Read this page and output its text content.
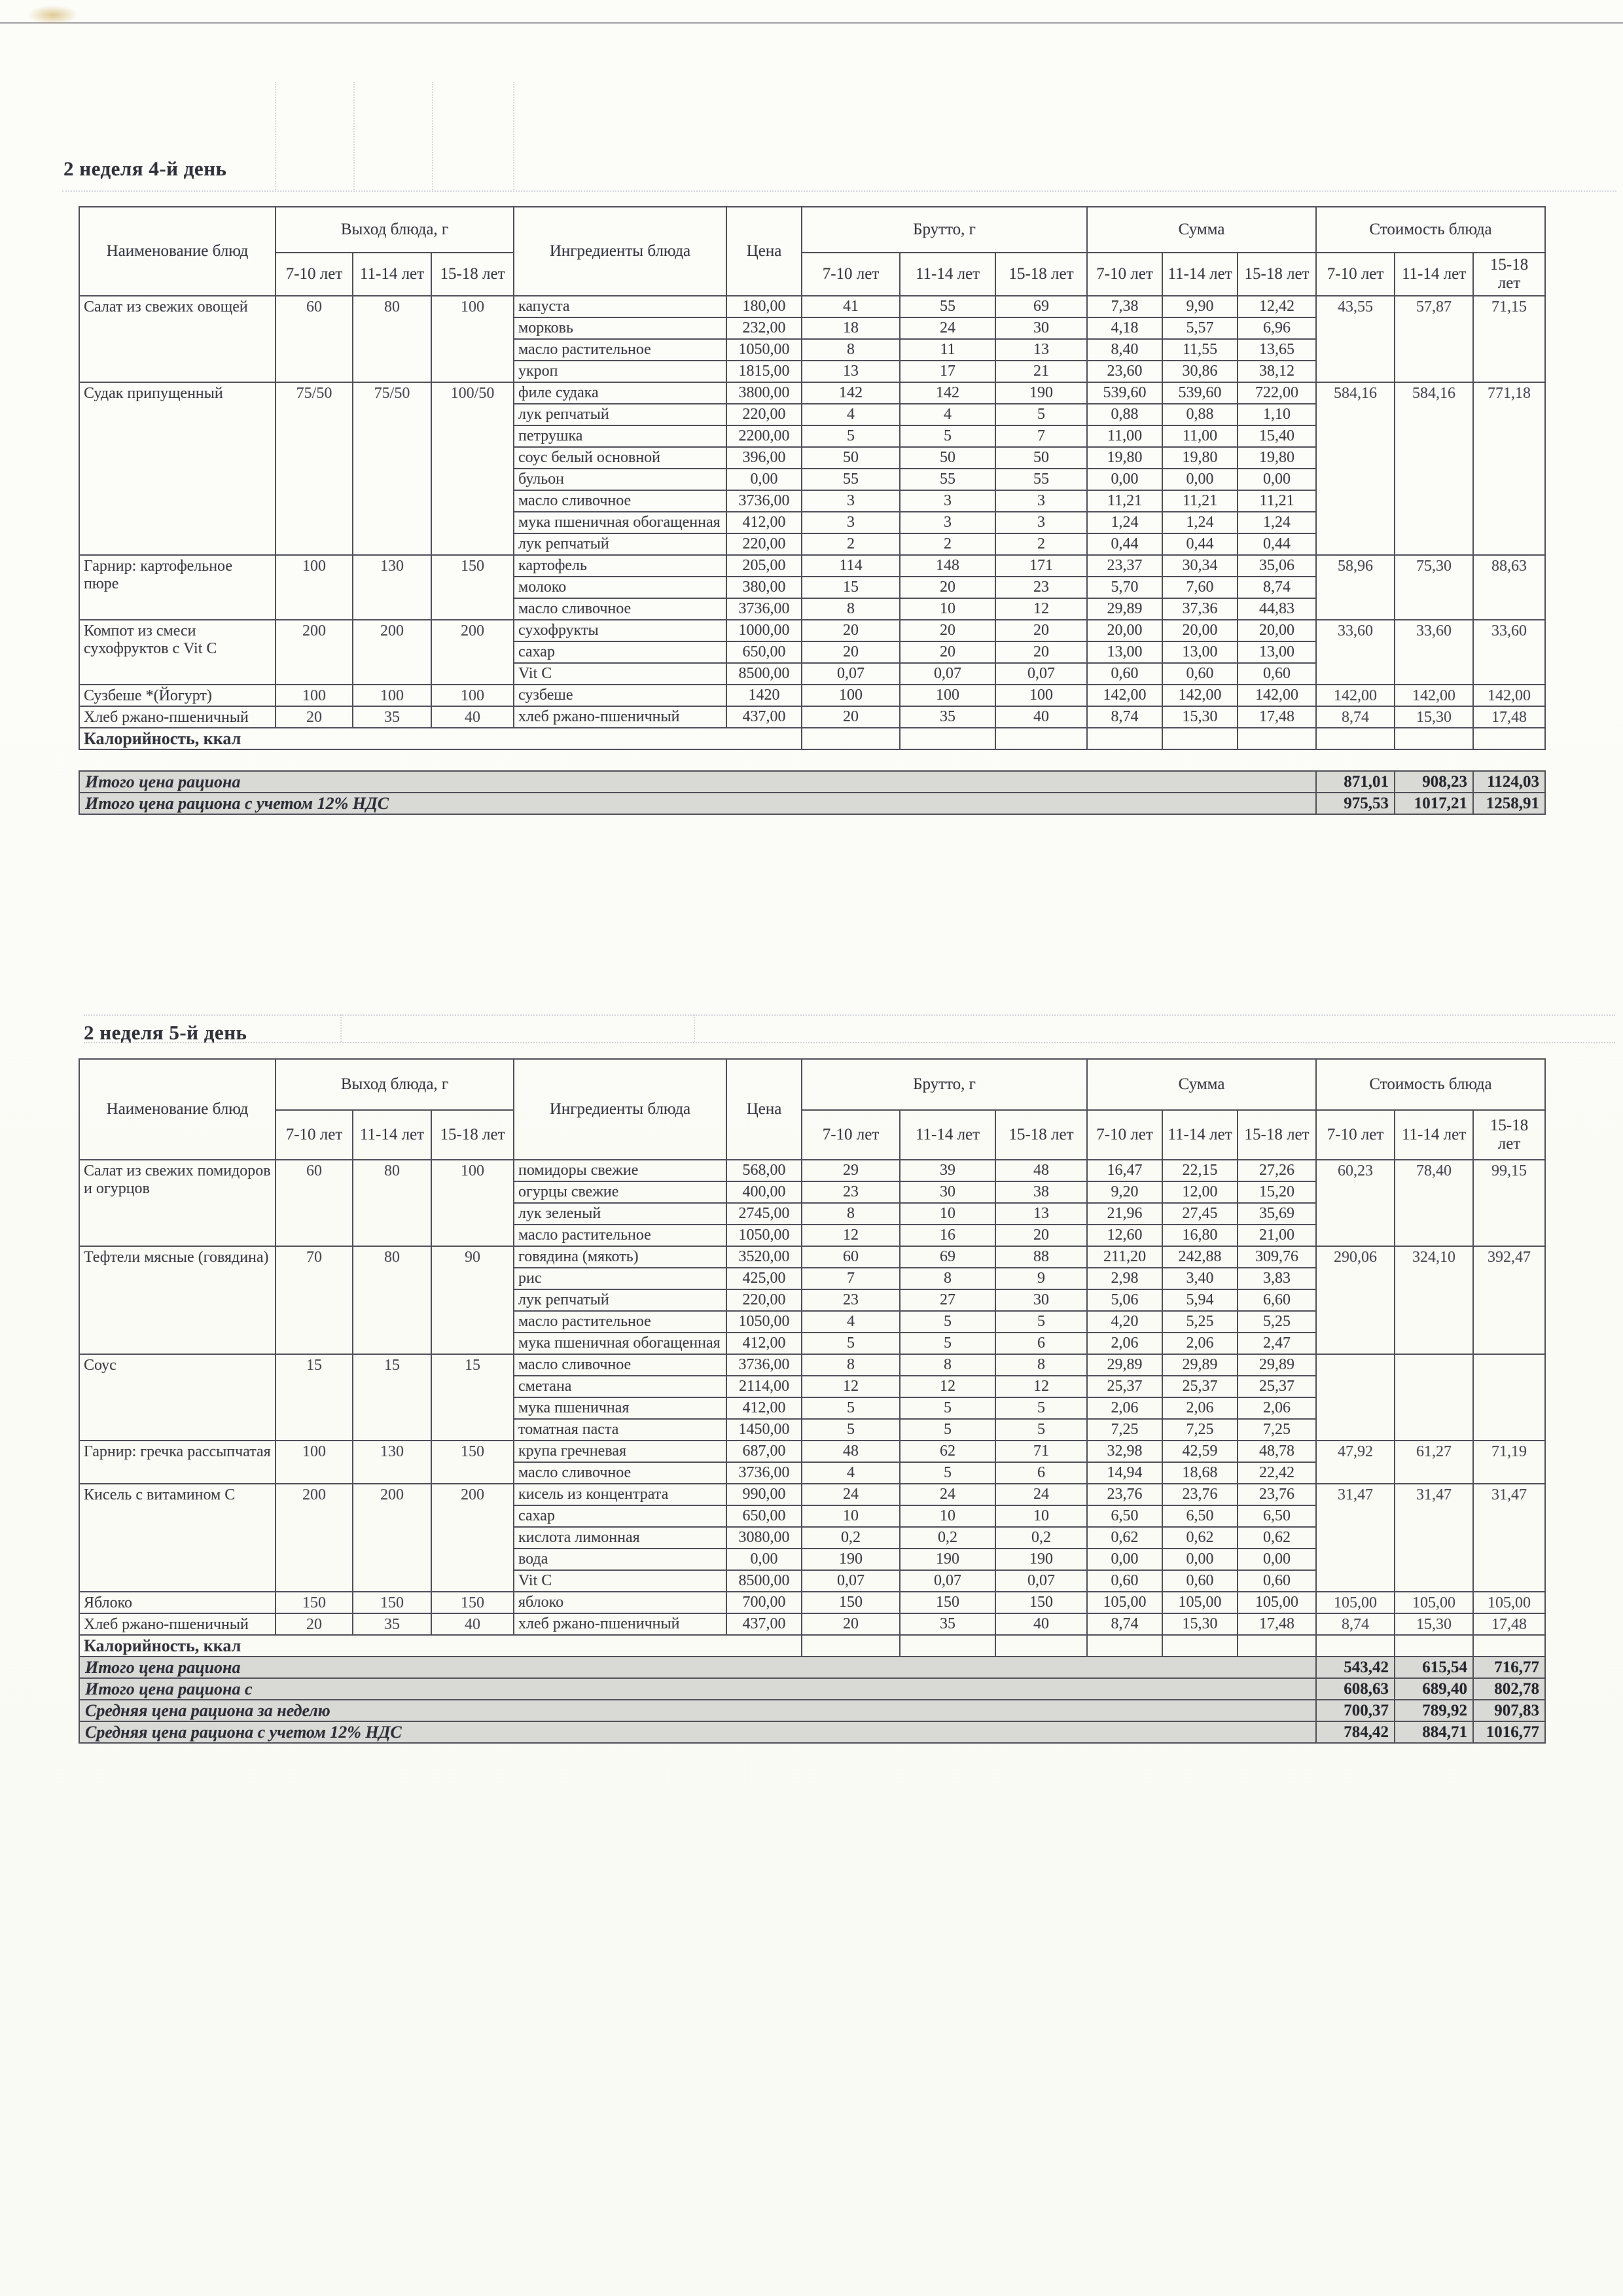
2 неделя 4-й день
Наименование блюд	Выход блюда, г			Ингредиенты блюда	Цена	Брутто, г			Сумма			Стоимость блюда		
	7-10 лет	11-14 лет	15-18 лет			7-10 лет	11-14 лет	15-18 лет	7-10 лет	11-14 лет	15-18 лет	7-10 лет	11-14 лет	15-18 лет
Салат из свежих овощей	60	80	100	капуста	180,00	41	55	69	7,38	9,90	12,42	43,55	57,87	71,15
				морковь	232,00	18	24	30	4,18	5,57	6,96			
				масло растительное	1050,00	8	11	13	8,40	11,55	13,65			
				укроп	1815,00	13	17	21	23,60	30,86	38,12			
Судак припущенный	75/50	75/50	100/50	филе судака	3800,00	142	142	190	539,60	539,60	722,00	584,16	584,16	771,18
				лук репчатый	220,00	4	4	5	0,88	0,88	1,10			
				петрушка	2200,00	5	5	7	11,00	11,00	15,40			
				соус белый основной	396,00	50	50	50	19,80	19,80	19,80			
				бульон	0,00	55	55	55	0,00	0,00	0,00			
				масло сливочное	3736,00	3	3	3	11,21	11,21	11,21			
				мука пшеничная обогащенная	412,00	3	3	3	1,24	1,24	1,24			
				лук репчатый	220,00	2	2	2	0,44	0,44	0,44			
Гарнир: картофельное пюре	100	130	150	картофель	205,00	114	148	171	23,37	30,34	35,06	58,96	75,30	88,63
				молоко	380,00	15	20	23	5,70	7,60	8,74			
				масло сливочное	3736,00	8	10	12	29,89	37,36	44,83			
Компот из смеси сухофруктов с Vit C	200	200	200	сухофрукты	1000,00	20	20	20	20,00	20,00	20,00	33,60	33,60	33,60
				сахар	650,00	20	20	20	13,00	13,00	13,00			
				Vit C	8500,00	0,07	0,07	0,07	0,60	0,60	0,60			
Сузбеше *(Йогурт)	100	100	100	сузбеше	1420	100	100	100	142,00	142,00	142,00	142,00	142,00	142,00
Хлеб ржано-пшеничный	20	35	40	хлеб ржано-пшеничный	437,00	20	35	40	8,74	15,30	17,48	8,74	15,30	17,48
Калорийность, ккал														

Итого цена рациона												871,01	908,23	1124,03
Итого цена рациона с учетом 12% НДС												975,53	1017,21	1258,91
2 неделя 5-й день
Наименование блюд	Выход блюда, г			Ингредиенты блюда	Цена	Брутто, г			Сумма			Стоимость блюда		
	7-10 лет	11-14 лет	15-18 лет			7-10 лет	11-14 лет	15-18 лет	7-10 лет	11-14 лет	15-18 лет	7-10 лет	11-14 лет	15-18 лет
Салат из свежих помидоров и огурцов	60	80	100	помидоры свежие	568,00	29	39	48	16,47	22,15	27,26	60,23	78,40	99,15
				огурцы свежие	400,00	23	30	38	9,20	12,00	15,20			
				лук зеленый	2745,00	8	10	13	21,96	27,45	35,69			
				масло растительное	1050,00	12	16	20	12,60	16,80	21,00			
Тефтели мясные (говядина)	70	80	90	говядина (мякоть)	3520,00	60	69	88	211,20	242,88	309,76	290,06	324,10	392,47
				рис	425,00	7	8	9	2,98	3,40	3,83			
				лук репчатый	220,00	23	27	30	5,06	5,94	6,60			
				масло растительное	1050,00	4	5	5	4,20	5,25	5,25			
				мука пшеничная обогащенная	412,00	5	5	6	2,06	2,06	2,47			
Соус	15	15	15	масло сливочное	3736,00	8	8	8	29,89	29,89	29,89			
				сметана	2114,00	12	12	12	25,37	25,37	25,37			
				мука пшеничная	412,00	5	5	5	2,06	2,06	2,06			
				томатная паста	1450,00	5	5	5	7,25	7,25	7,25			
Гарнир: гречка рассыпчатая	100	130	150	крупа гречневая	687,00	48	62	71	32,98	42,59	48,78	47,92	61,27	71,19
				масло сливочное	3736,00	4	5	6	14,94	18,68	22,42			
Кисель с витамином С	200	200	200	кисель из концентрата	990,00	24	24	24	23,76	23,76	23,76	31,47	31,47	31,47
				сахар	650,00	10	10	10	6,50	6,50	6,50			
				кислота лимонная	3080,00	0,2	0,2	0,2	0,62	0,62	0,62			
				вода	0,00	190	190	190	0,00	0,00	0,00			
				Vit C	8500,00	0,07	0,07	0,07	0,60	0,60	0,60			
Яблоко	150	150	150	яблоко	700,00	150	150	150	105,00	105,00	105,00	105,00	105,00	105,00
Хлеб ржано-пшеничный	20	35	40	хлеб ржано-пшеничный	437,00	20	35	40	8,74	15,30	17,48	8,74	15,30	17,48
Калорийность, ккал														
Итого цена рациона												543,42	615,54	716,77
Итого цена рациона с												608,63	689,40	802,78
Средняя цена рациона за неделю												700,37	789,92	907,83
Средняя цена рациона с учетом 12% НДС												784,42	884,71	1016,77
